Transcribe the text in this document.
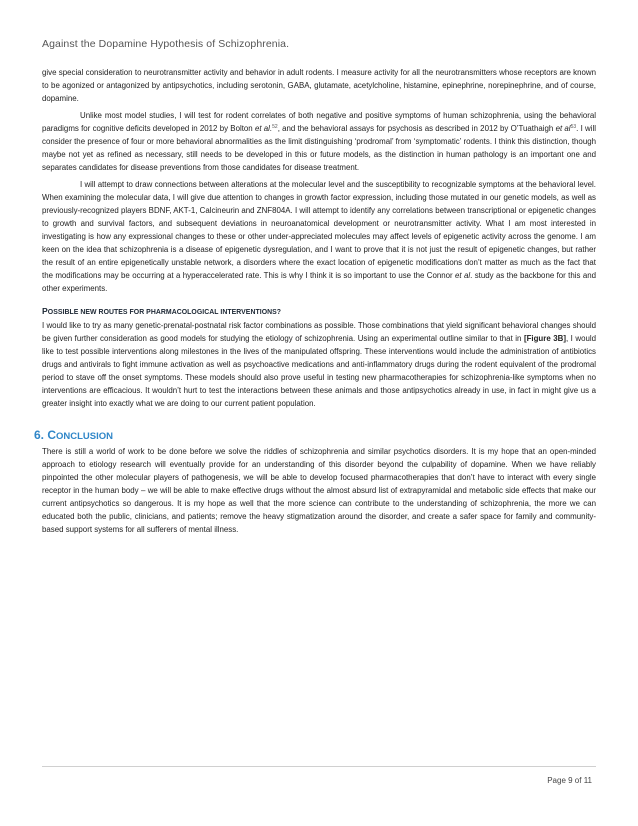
Against the Dopamine Hypothesis of Schizophrenia.

give special consideration to neurotransmitter activity and behavior in adult rodents. I measure activity for all the neurotransmitters whose receptors are known to be agonized or antagonized by antipsychotics, including serotonin, GABA, glutamate, acetylcholine, histamine, epinephrine, norepinephrine, and of course, dopamine.

Unlike most model studies, I will test for rodent correlates of both negative and positive symptoms of human schizophrenia, using the behavioral paradigms for cognitive deficits developed in 2012 by Bolton et al.$^{52}$, and the behavioral assays for psychosis as described in 2012 by O’Tuathaigh et $al^{53}$. I will consider the presence of four or more behavioral abnormalities as the limit distinguishing ‘prodromal’ from ‘symptomatic’ rodents. I think this distinction, though maybe not yet as refined as necessary, still needs to be developed in this or future models, as the distinction in human pathology is an important one and separates candidates for disease preventions from those candidates for disease treatment.

I will attempt to draw connections between alterations at the molecular level and the susceptibility to recognizable symptoms at the behavioral level. When examining the molecular data, I will give due attention to changes in growth factor expression, including those mutated in our genetic models, as well as previously-recognized players BDNF, AKT-1, Calcineurin and ZNF804A. I will attempt to identify any correlations between transcriptional or epigenetic changes to growth and survival factors, and subsequent deviations in neuroanatomical development or neurotransmitter activity. What I am most interested in investigating is how any expressional changes to these or other under-appreciated molecules may affect levels of epigenetic activity across the genome. I am keen on the idea that schizophrenia is a disease of epigenetic dysregulation, and I want to prove that it is not just the result of epigenetic changes, but rather the result of an entire epigenetically unstable network, a disorders where the exact location of epigenetic modifications don’t matter as much as the fact that the modifications may be occurring at a hyperaccelerated rate. This is why I think it is so important to use the Connor et al. study as the backbone for this and other experiments.

POSSIBLE NEW ROUTES FOR PHARMACOLOGICAL INTERVENTIONS?

I would like to try as many genetic-prenatal-postnatal risk factor combinations as possible. Those combinations that yield significant behavioral changes should be given further consideration as good models for studying the etiology of schizophrenia. Using an experimental outline similar to that in [Figure 3B], I would like to test possible interventions along milestones in the lives of the manipulated offspring. These interventions would include the administration of antibiotics drugs and antivirals to fight immune activation as well as psychoactive medications and anti-inflammatory drugs during the rodent equivalent of the prodromal period to stave off the onset symptoms. These models should also prove useful in testing new pharmacotherapies for schizophrenia-like symptoms when no interventions are efficacious. It wouldn’t hurt to test the interactions between these animals and those antipsychotics already in use, in fact in might give us a greater insight into exactly what we are doing to our current patient population.

6. CONCLUSION

There is still a world of work to be done before we solve the riddles of schizophrenia and similar psychotics disorders. It is my hope that an open-minded approach to etiology research will eventually provide for an understanding of this disorder beyond the culpability of dopamine. When we have reliably pinpointed the other molecular players of pathogenesis, we will be able to develop focused pharmacotherapies that don’t have to interact with every single receptor in the human body – we will be able to make effective drugs without the almost absurd list of extrapyramidal and metabolic side effects that make our current antipsychotics so dangerous. It is my hope as well that the more science can contribute to the understanding of schizophrenia, the more we can educated both the public, clinicians, and patients; remove the heavy stigmatization around the disorder, and create a safer space for family and community-based support systems for all sufferers of mental illness.

Page 9 of 11
